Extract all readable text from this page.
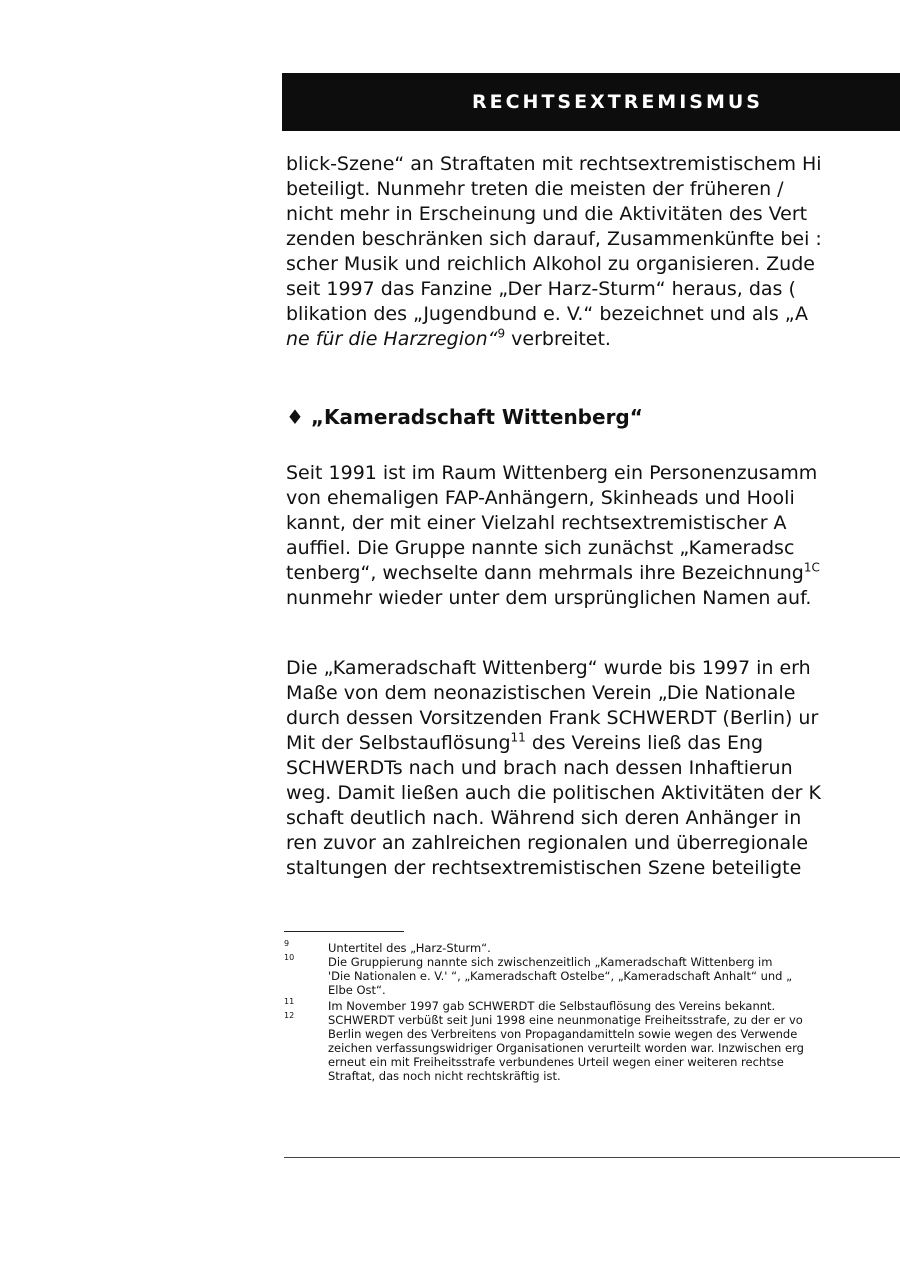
RECHTSEXTREMISMUS
blick-Szene“ an Straftaten mit rechtsextremistischem Hi
beteiligt. Nunmehr treten die meisten der früheren /
nicht mehr in Erscheinung und die Aktivitäten des Vert
zenden beschränken sich darauf, Zusammenkünfte bei :
scher Musik und reichlich Alkohol zu organisieren. Zude
seit 1997 das Fanzine „Der Harz-Sturm“ heraus, das (
blikation des „Jugendbund e. V.“ bezeichnet und als „A
ne für die Harzregion“$^9$ verbreitet.
♦ „Kameradschaft Wittenberg“
Seit 1991 ist im Raum Wittenberg ein Personenzusamm
von ehemaligen FAP-Anhängern, Skinheads und Hooli
kannt, der mit einer Vielzahl rechtsextremistischer A
auffiel. Die Gruppe nannte sich zunächst „Kameradsc
tenberg“, wechselte dann mehrmals ihre Bezeichnung$^{1C}$
nunmehr wieder unter dem ursprünglichen Namen auf.
Die „Kameradschaft Wittenberg“ wurde bis 1997 in erh
Maße von dem neonazistischen Verein „Die Nationale
durch dessen Vorsitzenden Frank SCHWERDT (Berlin) ur
Mit der Selbstauflösung$^{11}$ des Vereins ließ das Eng
SCHWERDTs nach und brach nach dessen Inhaftierun
weg. Damit ließen auch die politischen Aktivitäten der K
schaft deutlich nach. Während sich deren Anhänger in
ren zuvor an zahlreichen regionalen und überregionale
staltungen der rechtsextremistischen Szene beteiligte
9	Untertitel des „Harz-Sturm“.
10	Die Gruppierung nannte sich zwischenzeitlich „Kameradschaft Wittenberg im
'Die Nationalen e. V.' “, „Kameradschaft Ostelbe“, „Kameradschaft Anhalt“ und „
Elbe Ost“.
11	Im November 1997 gab SCHWERDT die Selbstauflösung des Vereins bekannt.
12	SCHWERDT verbüßt seit Juni 1998 eine neunmonatige Freiheitsstrafe, zu der er vo
Berlin wegen des Verbreitens von Propagandamitteln sowie wegen des Verwende
zeichen verfassungswidriger Organisationen verurteilt worden war. Inzwischen erg
erneut ein mit Freiheitsstrafe verbundenes Urteil wegen einer weiteren rechtse
Straftat, das noch nicht rechtskräftig ist.
